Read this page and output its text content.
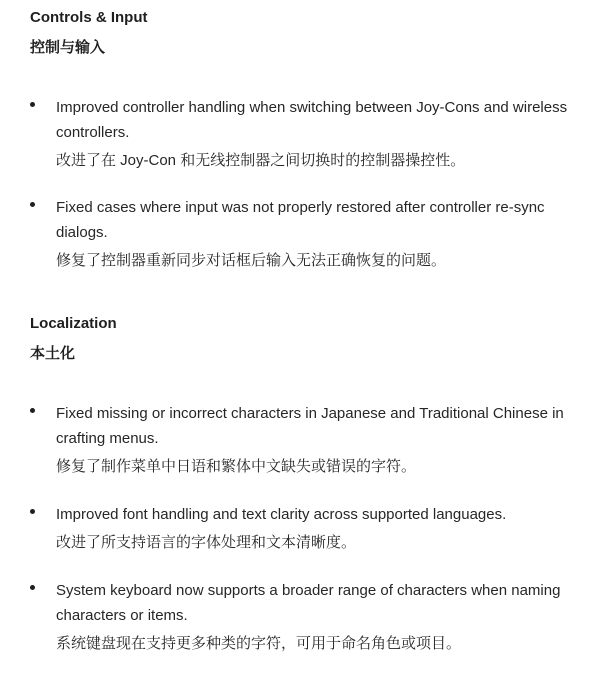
Controls & Input
控制与输入

Improved controller handling when switching between Joy-Cons and wireless controllers.

改进了在 Joy-Con 和无线控制器之间切换时的控制器操控性。

Fixed cases where input was not properly restored after controller re-sync dialogs.

修复了控制器重新同步对话框后输入无法正确恢复的问题。

Localization
本土化

Fixed missing or incorrect characters in Japanese and Traditional Chinese in crafting menus.

修复了制作菜单中日语和繁体中文缺失或错误的字符。

Improved font handling and text clarity across supported languages.

改进了所支持语言的字体处理和文本清晰度。

System keyboard now supports a broader range of characters when naming characters or items.

系统键盘现在支持更多种类的字符，可用于命名角色或项目。
